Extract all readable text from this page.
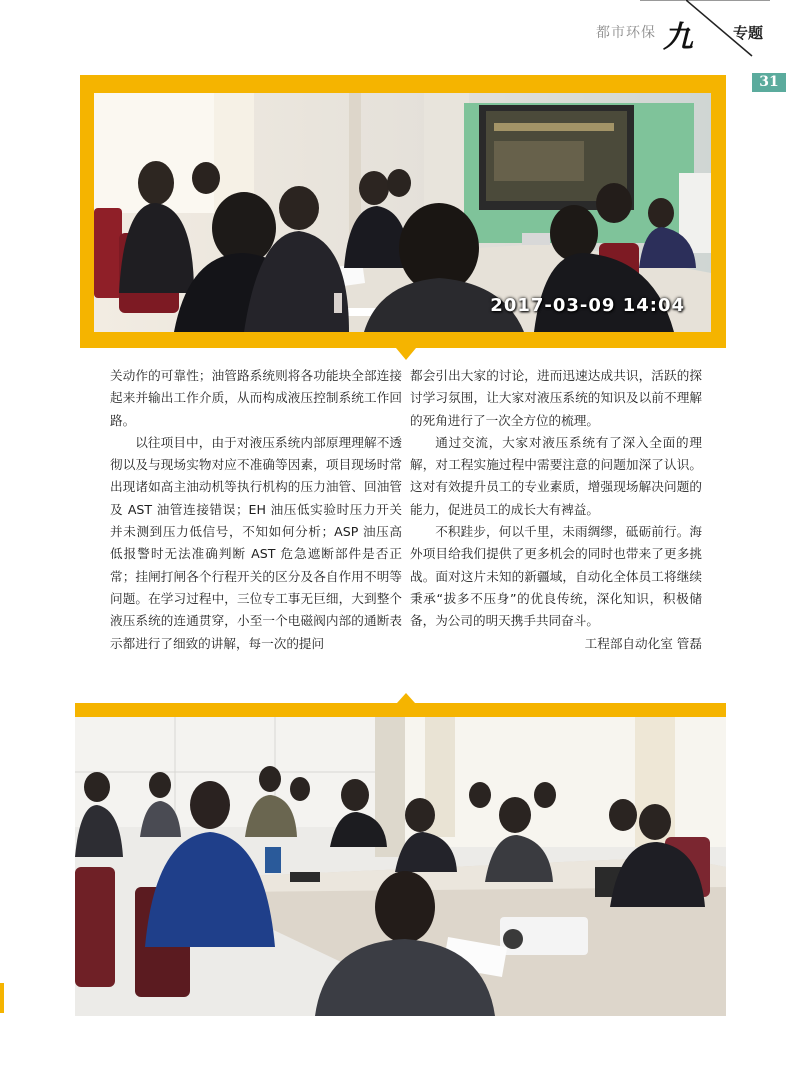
都市环保 九	专题
31
2017-03-09 14:04

关动作的可靠性；油管路系统则将各功能块全部连接起来并输出工作介质，从而构成液压控制系统工作回路。

以往项目中，由于对液压系统内部原理理解不透彻以及与现场实物对应不准确等因素，项目现场时常出现诸如高主油动机等执行机构的压力油管、回油管及 AST 油管连接错误；EH 油压低实验时压力开关并未测到压力低信号，不知如何分析；ASP 油压高低报警时无法准确判断 AST 危急遮断部件是否正常；挂闸打闸各个行程开关的区分及各自作用不明等问题。在学习过程中，三位专工事无巨细，大到整个液压系统的连通贯穿，小至一个电磁阀内部的通断表示都进行了细致的讲解，每一次的提问

都会引出大家的讨论，进而迅速达成共识，活跃的探讨学习氛围，让大家对液压系统的知识及以前不理解的死角进行了一次全方位的梳理。

通过交流，大家对液压系统有了深入全面的理解，对工程实施过程中需要注意的问题加深了认识。这对有效提升员工的专业素质，增强现场解决问题的能力，促进员工的成长大有裨益。

不积跬步，何以千里，未雨绸缪，砥砺前行。海外项目给我们提供了更多机会的同时也带来了更多挑战。面对这片未知的新疆域，自动化全体员工将继续秉承“拔多不压身”的优良传统，深化知识，积极储备，为公司的明天携手共同奋斗。

工程部自动化室 管磊
